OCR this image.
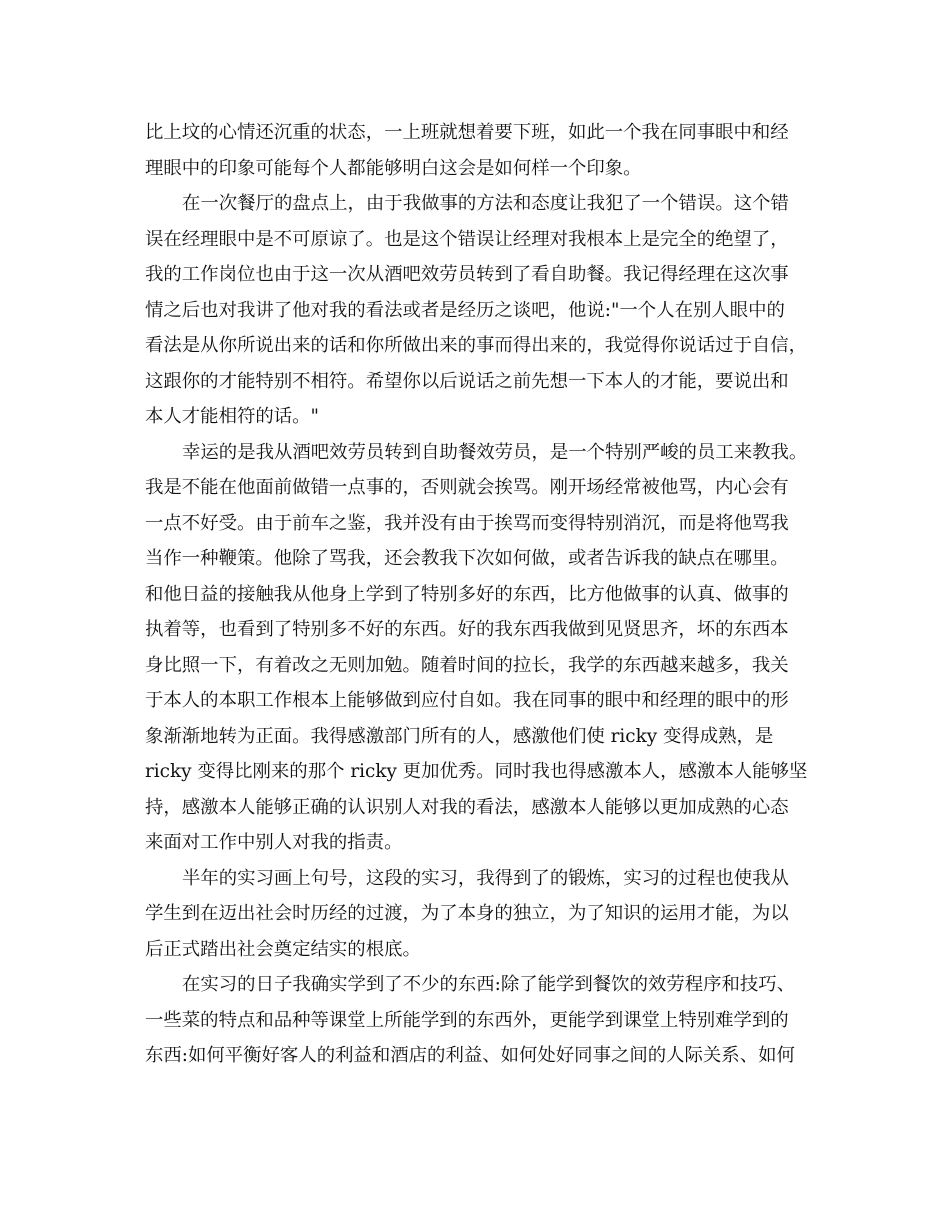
比上坟的心情还沉重的状态，一上班就想着要下班，如此一个我在同事眼中和经
理眼中的印象可能每个人都能够明白这会是如何样一个印象。
在一次餐厅的盘点上，由于我做事的方法和态度让我犯了一个错误。这个错
误在经理眼中是不可原谅了。也是这个错误让经理对我根本上是完全的绝望了，
我的工作岗位也由于这一次从酒吧效劳员转到了看自助餐。我记得经理在这次事
情之后也对我讲了他对我的看法或者是经历之谈吧，他说:"一个人在别人眼中的
看法是从你所说出来的话和你所做出来的事而得出来的，我觉得你说话过于自信，
这跟你的才能特别不相符。希望你以后说话之前先想一下本人的才能，要说出和
本人才能相符的话。"
幸运的是我从酒吧效劳员转到自助餐效劳员，是一个特别严峻的员工来教我。
我是不能在他面前做错一点事的，否则就会挨骂。刚开场经常被他骂，内心会有
一点不好受。由于前车之鉴，我并没有由于挨骂而变得特别消沉，而是将他骂我
当作一种鞭策。他除了骂我，还会教我下次如何做，或者告诉我的缺点在哪里。
和他日益的接触我从他身上学到了特别多好的东西，比方他做事的认真、做事的
执着等，也看到了特别多不好的东西。好的我东西我做到见贤思齐，坏的东西本
身比照一下，有着改之无则加勉。随着时间的拉长，我学的东西越来越多，我关
于本人的本职工作根本上能够做到应付自如。我在同事的眼中和经理的眼中的形
象渐渐地转为正面。我得感激部门所有的人，感激他们使 ricky 变得成熟，是
ricky 变得比刚来的那个 ricky 更加优秀。同时我也得感激本人，感激本人能够坚
持，感激本人能够正确的认识别人对我的看法，感激本人能够以更加成熟的心态
来面对工作中别人对我的指责。
半年的实习画上句号，这段的实习，我得到了的锻炼，实习的过程也使我从
学生到在迈出社会时历经的过渡，为了本身的独立，为了知识的运用才能，为以
后正式踏出社会奠定结实的根底。
在实习的日子我确实学到了不少的东西:除了能学到餐饮的效劳程序和技巧、
一些菜的特点和品种等课堂上所能学到的东西外，更能学到课堂上特别难学到的
东西:如何平衡好客人的利益和酒店的利益、如何处好同事之间的人际关系、如何
